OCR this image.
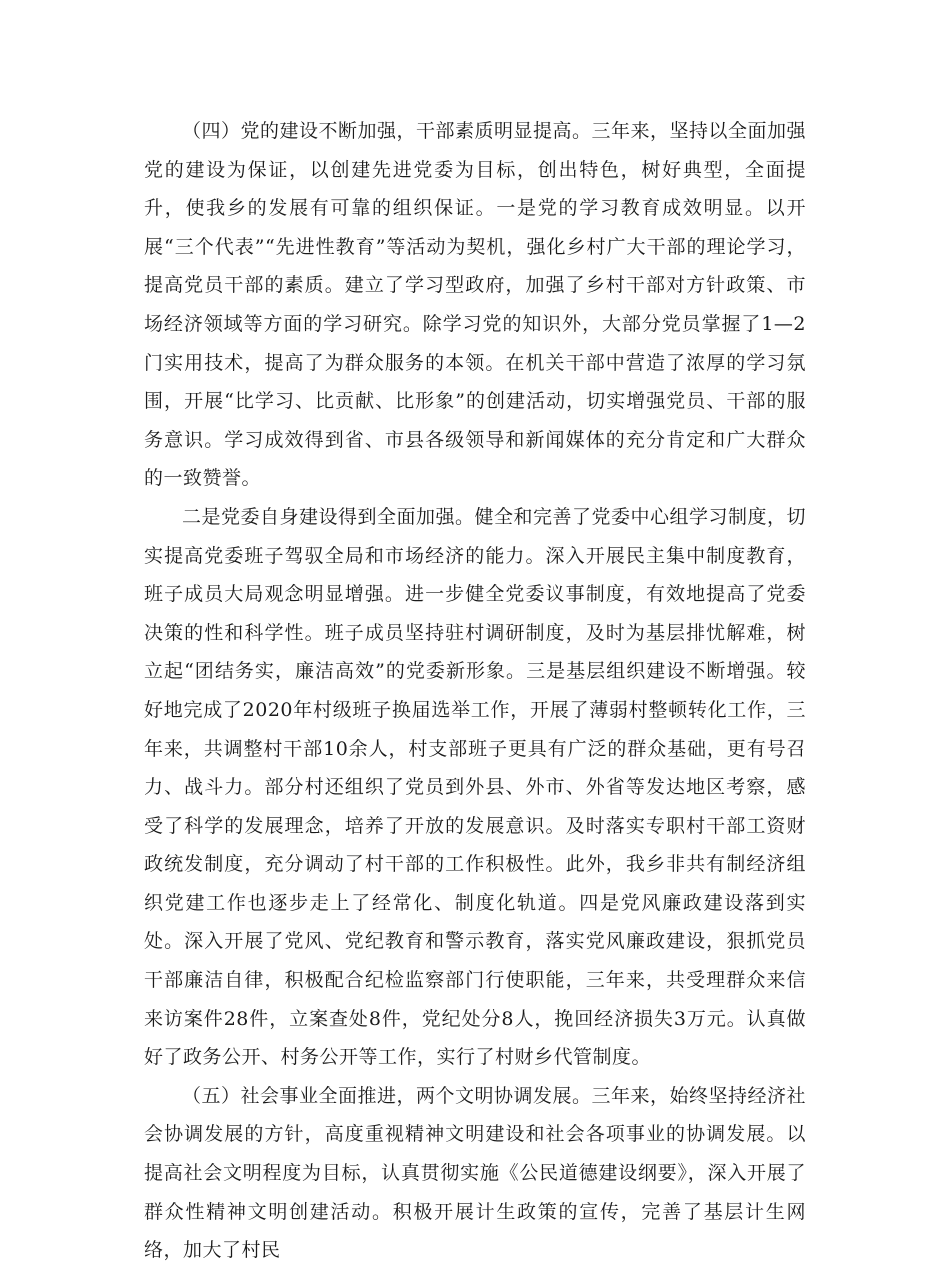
（四）党的建设不断加强，干部素质明显提高。三年来，坚持以全面加强党的建设为保证，以创建先进党委为目标，创出特色，树好典型，全面提升，使我乡的发展有可靠的组织保证。一是党的学习教育成效明显。以开展“三个代表”“先进性教育”等活动为契机，强化乡村广大干部的理论学习，提高党员干部的素质。建立了学习型政府，加强了乡村干部对方针政策、市场经济领域等方面的学习研究。除学习党的知识外，大部分党员掌握了1—2门实用技术，提高了为群众服务的本领。在机关干部中营造了浓厚的学习氛围，开展“比学习、比贡献、比形象”的创建活动，切实增强党员、干部的服务意识。学习成效得到省、市县各级领导和新闻媒体的充分肯定和广大群众的一致赞誉。

二是党委自身建设得到全面加强。健全和完善了党委中心组学习制度，切实提高党委班子驾驭全局和市场经济的能力。深入开展民主集中制度教育，班子成员大局观念明显增强。进一步健全党委议事制度，有效地提高了党委决策的性和科学性。班子成员坚持驻村调研制度，及时为基层排忧解难，树立起“团结务实，廉洁高效”的党委新形象。三是基层组织建设不断增强。较好地完成了2020年村级班子换届选举工作，开展了薄弱村整顿转化工作，三年来，共调整村干部10余人，村支部班子更具有广泛的群众基础，更有号召力、战斗力。部分村还组织了党员到外县、外市、外省等发达地区考察，感受了科学的发展理念，培养了开放的发展意识。及时落实专职村干部工资财政统发制度，充分调动了村干部的工作积极性。此外，我乡非共有制经济组织党建工作也逐步走上了经常化、制度化轨道。四是党风廉政建设落到实处。深入开展了党风、党纪教育和警示教育，落实党风廉政建设，狠抓党员干部廉洁自律，积极配合纪检监察部门行使职能，三年来，共受理群众来信来访案件28件，立案查处8件，党纪处分8人，挽回经济损失3万元。认真做好了政务公开、村务公开等工作，实行了村财乡代管制度。

（五）社会事业全面推进，两个文明协调发展。三年来，始终坚持经济社会协调发展的方针，高度重视精神文明建设和社会各项事业的协调发展。以提高社会文明程度为目标，认真贯彻实施《公民道德建设纲要》，深入开展了群众性精神文明创建活动。积极开展计生政策的宣传，完善了基层计生网络，加大了村民
